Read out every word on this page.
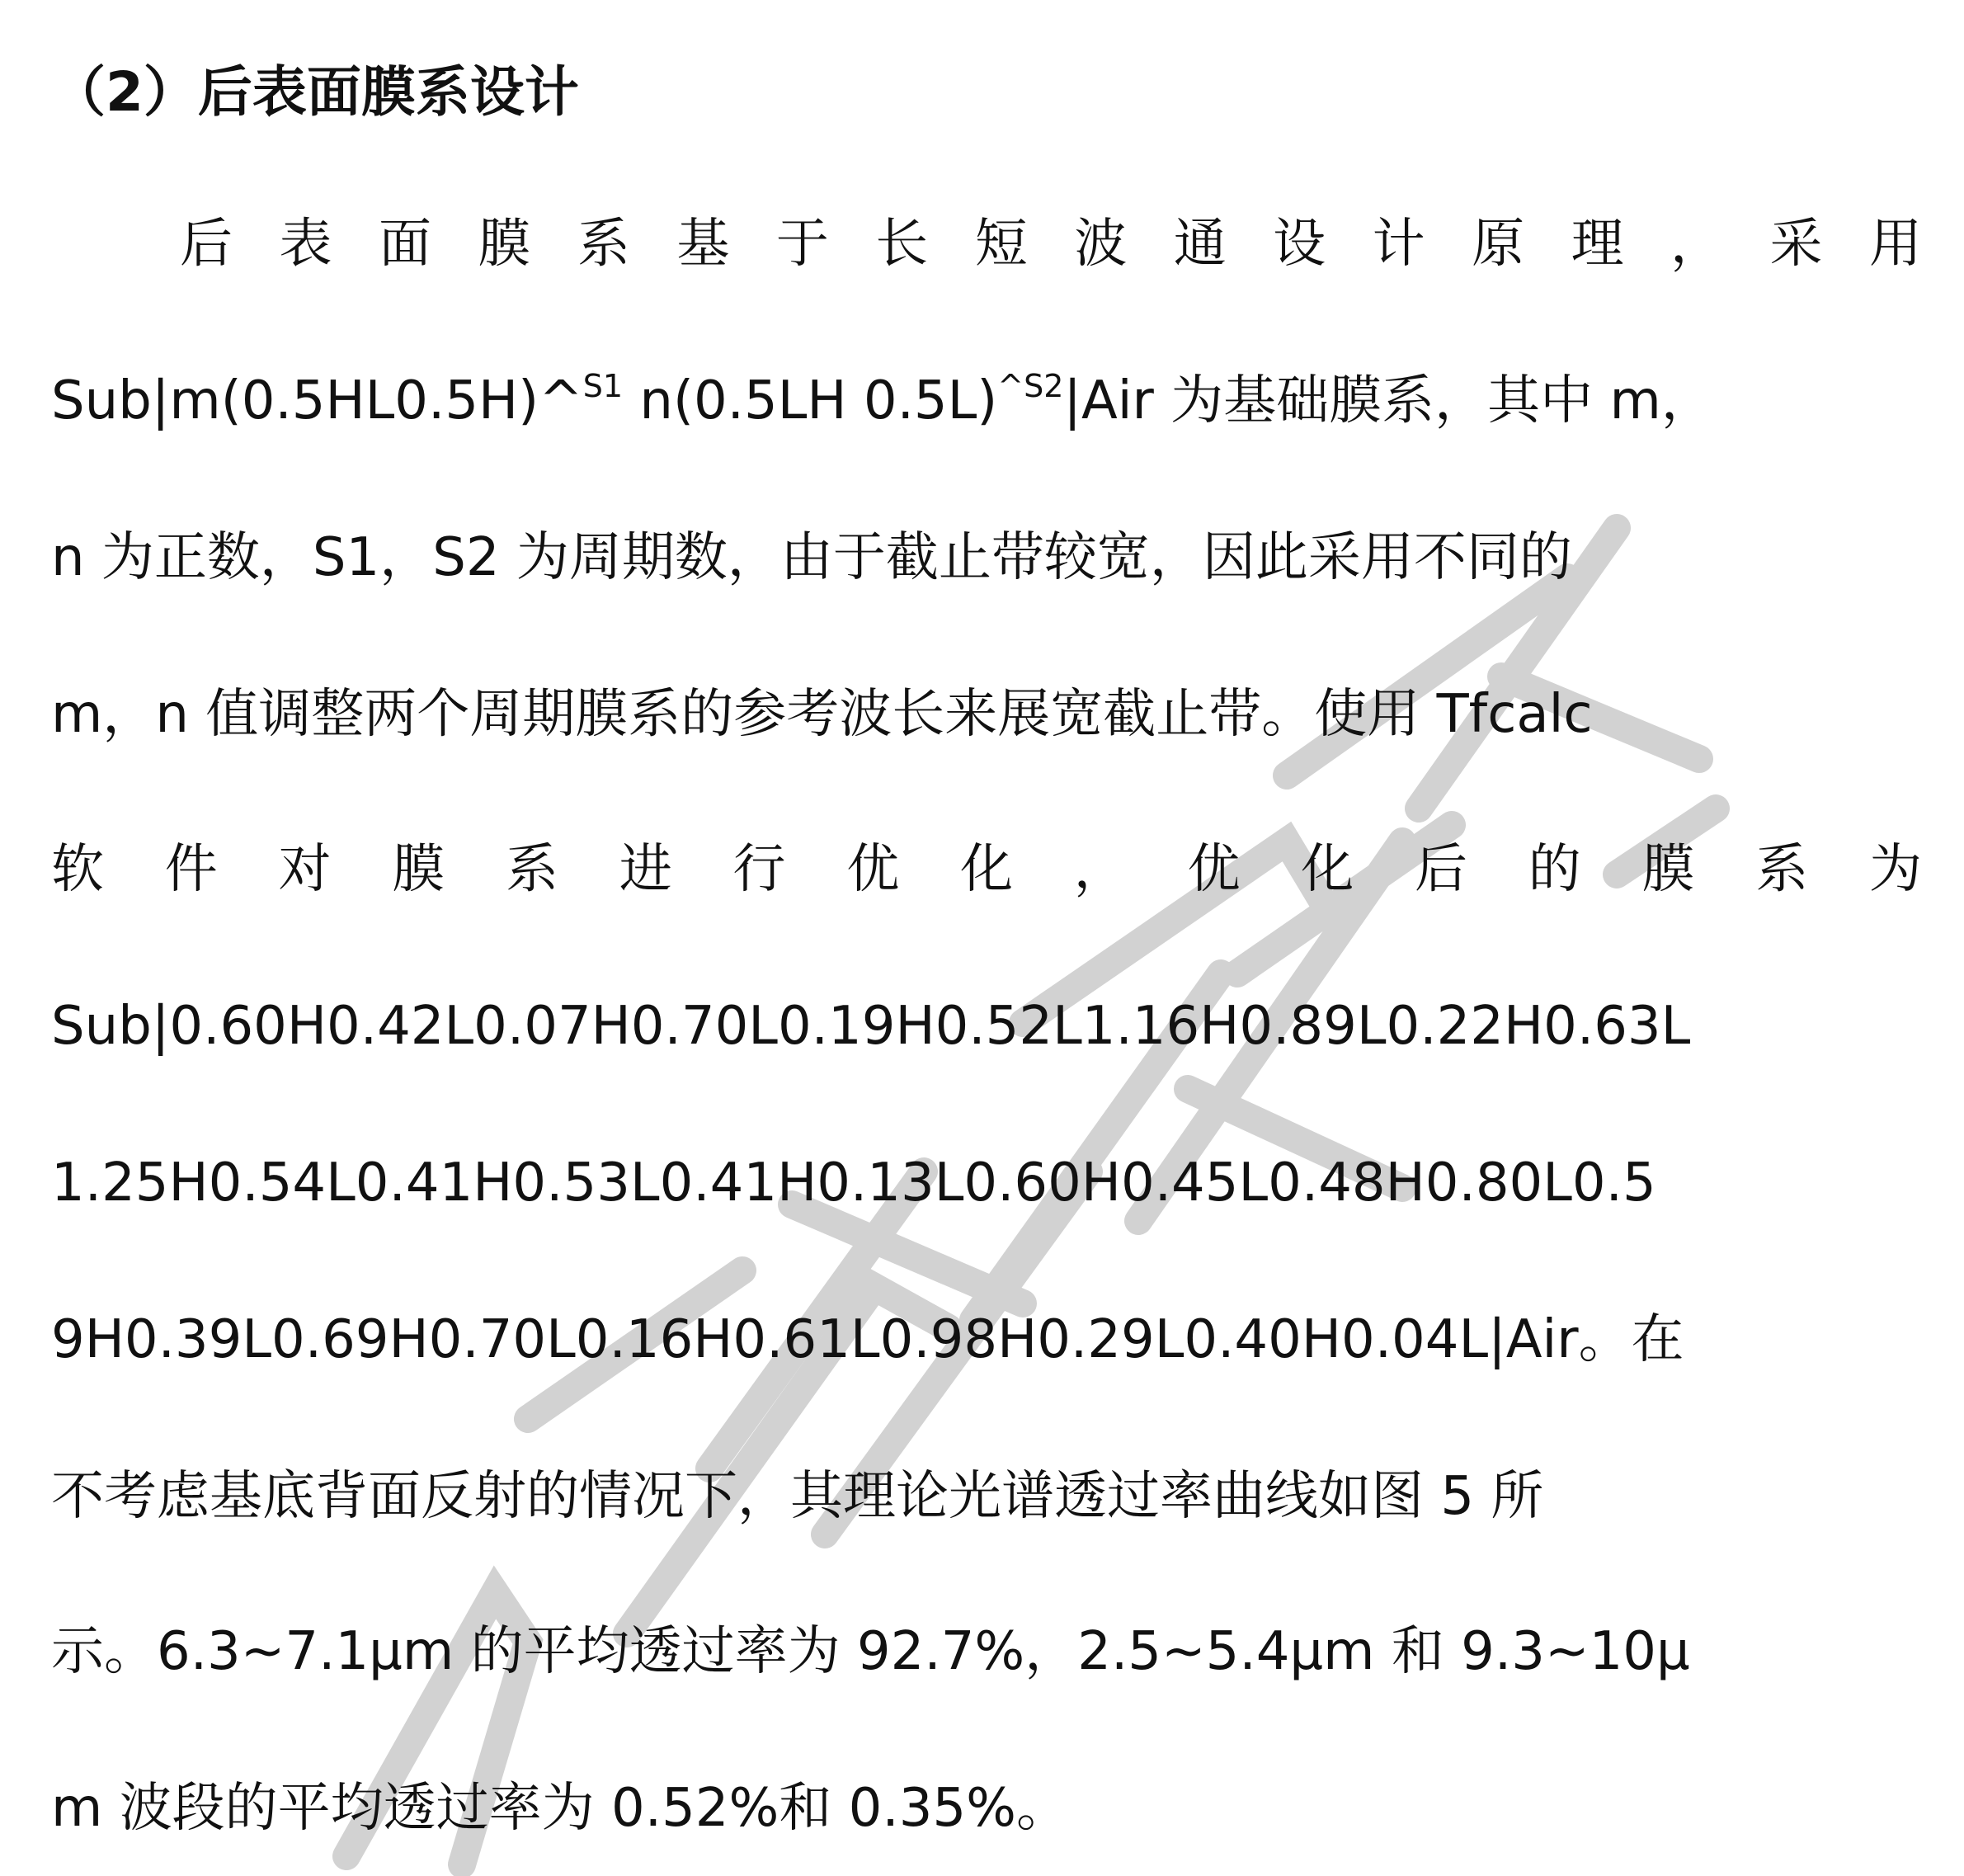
（2）后表面膜系设计
后表面膜系基于长短波通设计原理，采用
Sub|m(0.5HL0.5H)^$^{S1}$ n(0.5LH 0.5L)$^{\^{}S2}$|Air 为基础膜系，其中 m，
n 为正数，S1，S2 为周期数，由于截止带较宽，因此采用不同的
m，n 值调整两个周期膜系的参考波长来展宽截止带。使用 Tfcalc
软件对膜系进行优化，优化后的膜系为
Sub|0.60H0.42L0.07H0.70L0.19H0.52L1.16H0.89L0.22H0.63L
1.25H0.54L0.41H0.53L0.41H0.13L0.60H0.45L0.48H0.80L0.5
9H0.39L0.69H0.70L0.16H0.61L0.98H0.29L0.40H0.04L|Air。在
不考虑基底背面反射的情况下，其理论光谱透过率曲线如图 5 所
示。6.3~7.1μm 的平均透过率为 92.7%，2.5~5.4μm 和 9.3~10μ
m 波段的平均透过率为 0.52%和 0.35%。
